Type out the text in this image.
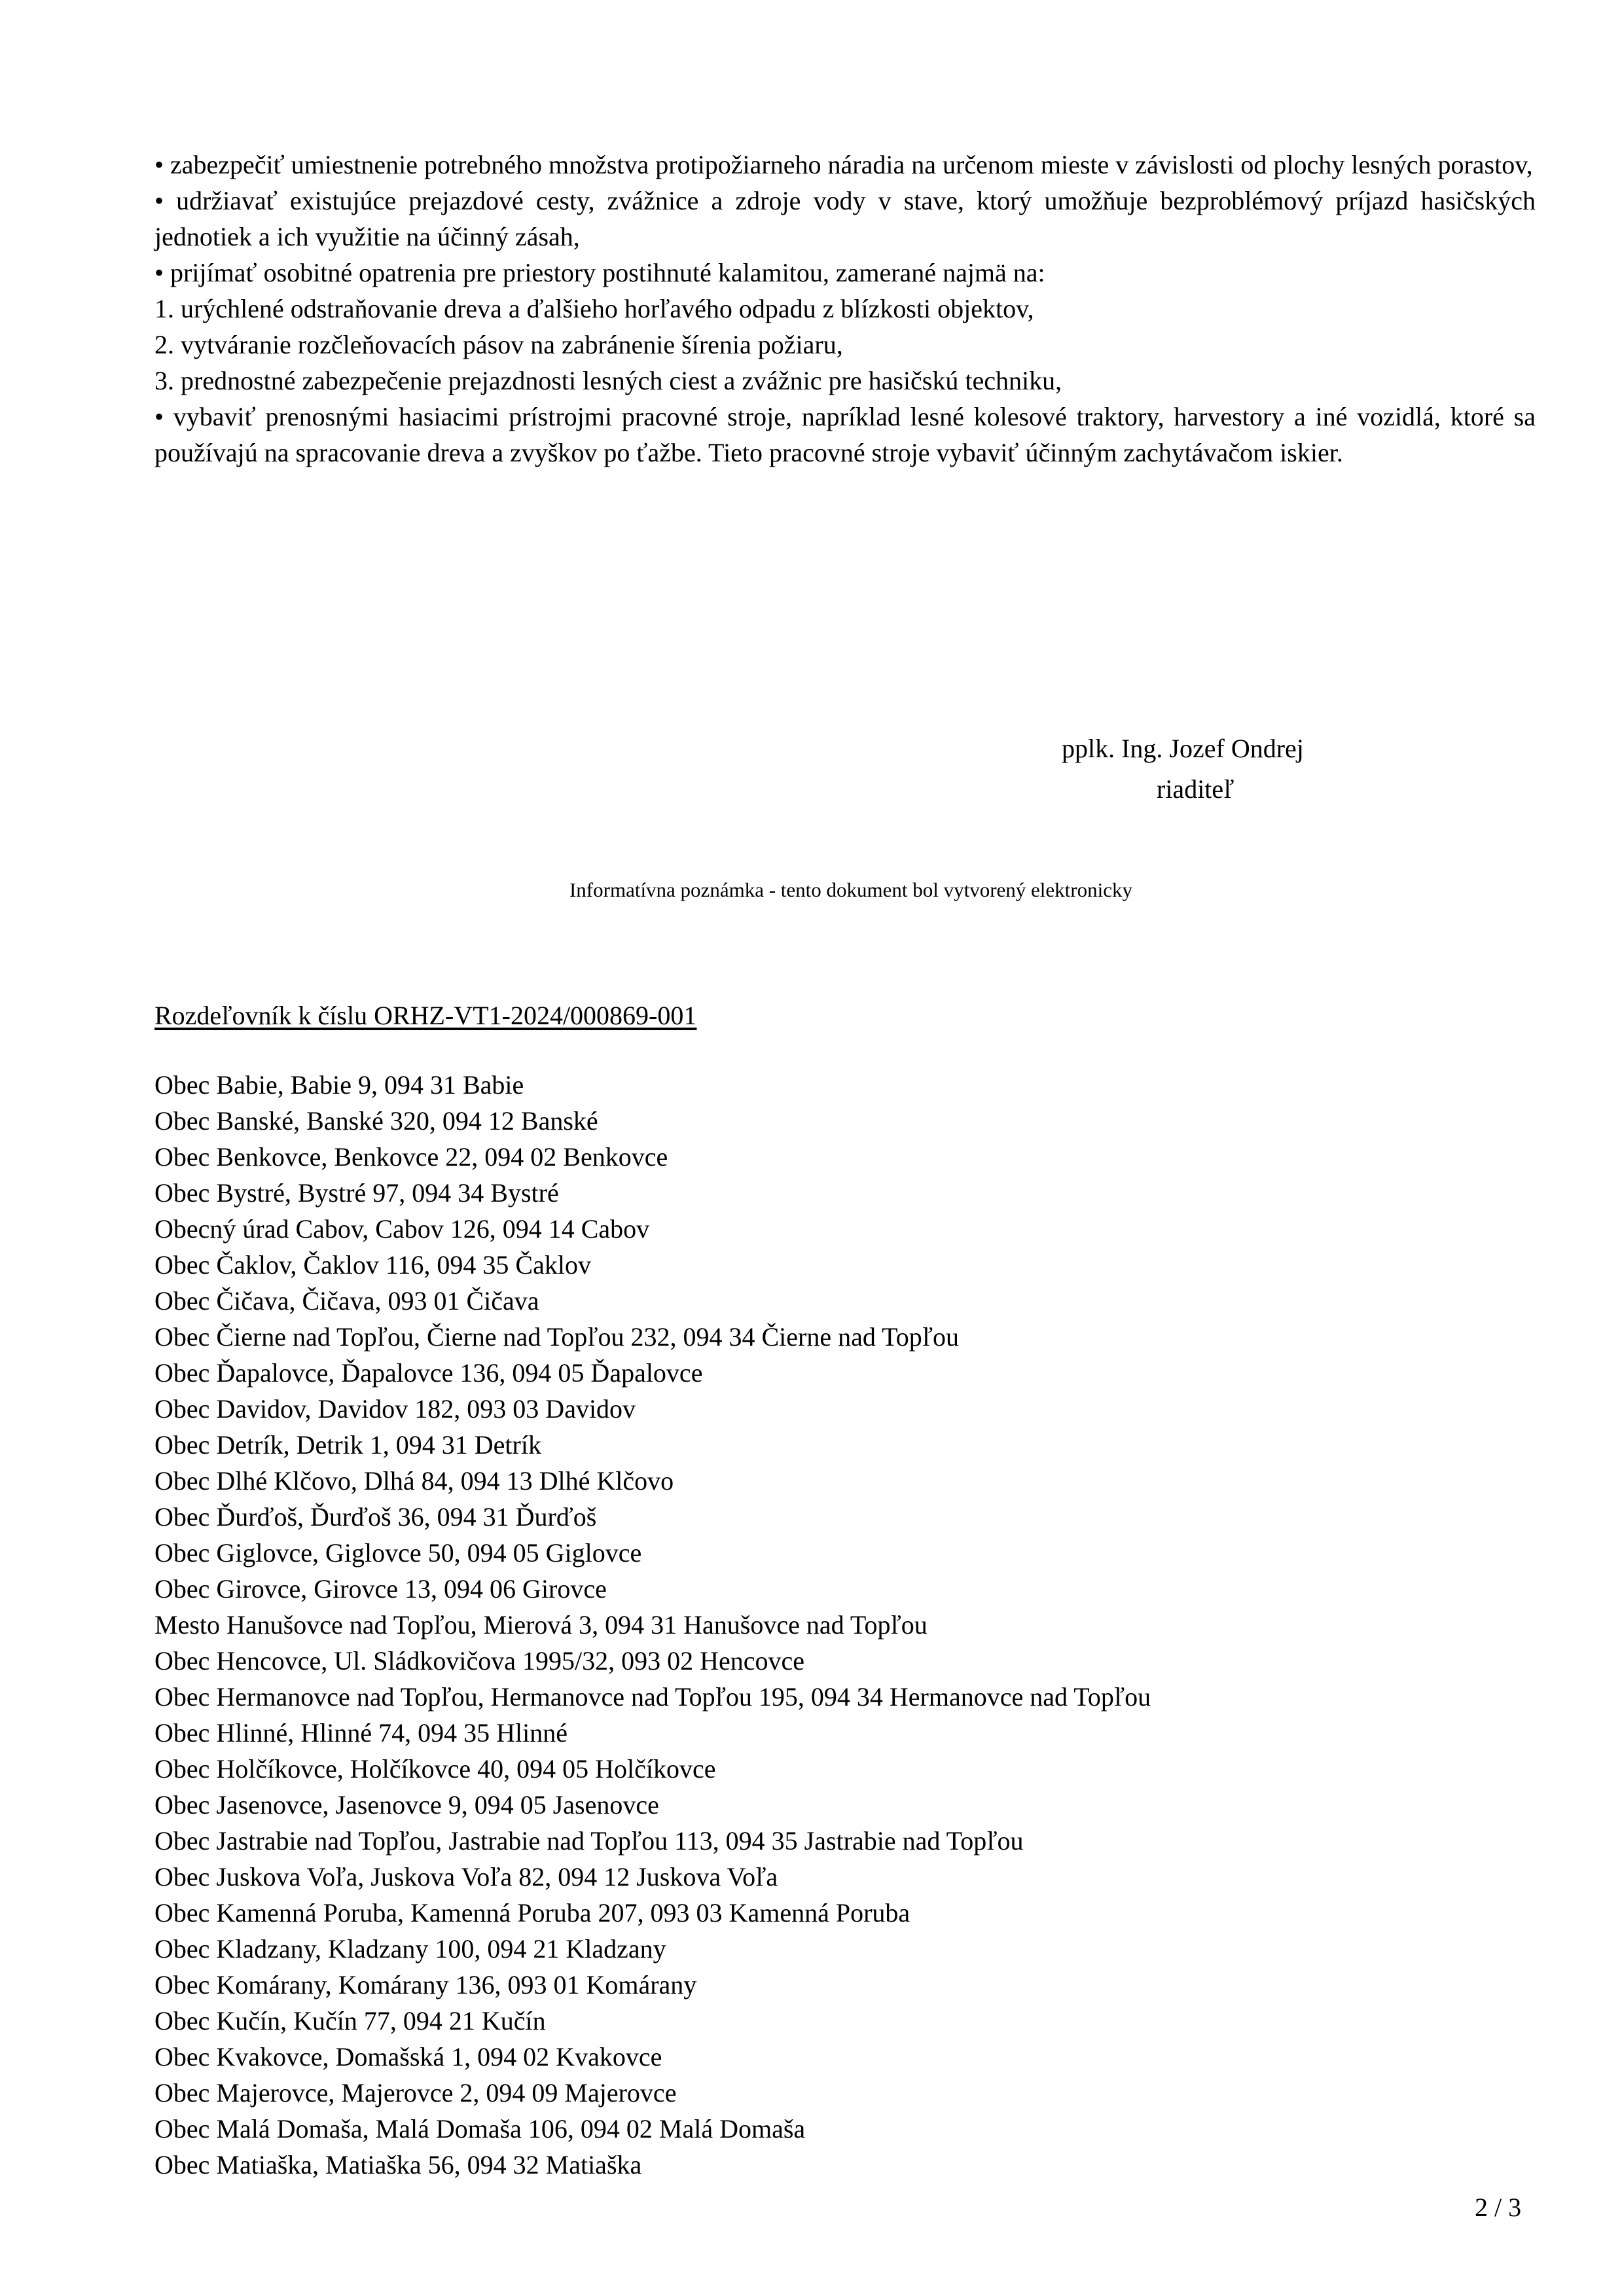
• zabezpečiť umiestnenie potrebného množstva protipožiarneho náradia na určenom mieste v závislosti od plochy lesných porastov,

• udržiavať existujúce prejazdové cesty, zvážnice a zdroje vody v stave, ktorý umožňuje bezproblémový príjazd hasičských jednotiek a ich využitie na účinný zásah,

• prijímať osobitné opatrenia pre priestory postihnuté kalamitou, zamerané najmä na:

1. urýchlené odstraňovanie dreva a ďalšieho horľavého odpadu z blízkosti objektov,

2. vytváranie rozčleňovacích pásov na zabránenie šírenia požiaru,

3. prednostné zabezpečenie prejazdnosti lesných ciest a zvážnic pre hasičskú techniku,

• vybaviť prenosnými hasiacimi prístrojmi pracovné stroje, napríklad lesné kolesové traktory, harvestory a iné vozidlá, ktoré sa používajú na spracovanie dreva a zvyškov po ťažbe. Tieto pracovné stroje vybaviť účinným zachytávačom iskier.

pplk. Ing. Jozef Ondrej
riaditeľ
Informatívna poznámka - tento dokument bol vytvorený elektronicky
Rozdeľovník k číslu ORHZ-VT1-2024/000869-001
Obec Babie, Babie 9, 094 31 Babie
Obec Banské, Banské 320, 094 12 Banské
Obec Benkovce, Benkovce 22, 094 02 Benkovce
Obec Bystré, Bystré 97, 094 34 Bystré
Obecný úrad Cabov, Cabov 126, 094 14 Cabov
Obec Čaklov, Čaklov 116, 094 35 Čaklov
Obec Čičava, Čičava, 093 01 Čičava
Obec Čierne nad Topľou, Čierne nad Topľou 232, 094 34 Čierne nad Topľou
Obec Ďapalovce, Ďapalovce 136, 094 05 Ďapalovce
Obec Davidov, Davidov 182, 093 03 Davidov
Obec Detrík, Detrik 1, 094 31 Detrík
Obec Dlhé Klčovo, Dlhá 84, 094 13 Dlhé Klčovo
Obec Ďurďoš, Ďurďoš 36, 094 31 Ďurďoš
Obec Giglovce, Giglovce 50, 094 05 Giglovce
Obec Girovce, Girovce 13, 094 06 Girovce
Mesto Hanušovce nad Topľou, Mierová 3, 094 31 Hanušovce nad Topľou
Obec Hencovce, Ul. Sládkovičova 1995/32, 093 02 Hencovce
Obec Hermanovce nad Topľou, Hermanovce nad Topľou 195, 094 34 Hermanovce nad Topľou
Obec Hlinné, Hlinné 74, 094 35 Hlinné
Obec Holčíkovce, Holčíkovce 40, 094 05 Holčíkovce
Obec Jasenovce, Jasenovce 9, 094 05 Jasenovce
Obec Jastrabie nad Topľou, Jastrabie nad Topľou 113, 094 35 Jastrabie nad Topľou
Obec Juskova Voľa, Juskova Voľa 82, 094 12 Juskova Voľa
Obec Kamenná Poruba, Kamenná Poruba 207, 093 03 Kamenná Poruba
Obec Kladzany, Kladzany 100, 094 21 Kladzany
Obec Komárany, Komárany 136, 093 01 Komárany
Obec Kučín, Kučín 77, 094 21 Kučín
Obec Kvakovce, Domašská 1, 094 02 Kvakovce
Obec Majerovce, Majerovce 2, 094 09 Majerovce
Obec Malá Domaša, Malá Domaša 106, 094 02 Malá Domaša
Obec Matiaška, Matiaška 56, 094 32 Matiaška
2 / 3
